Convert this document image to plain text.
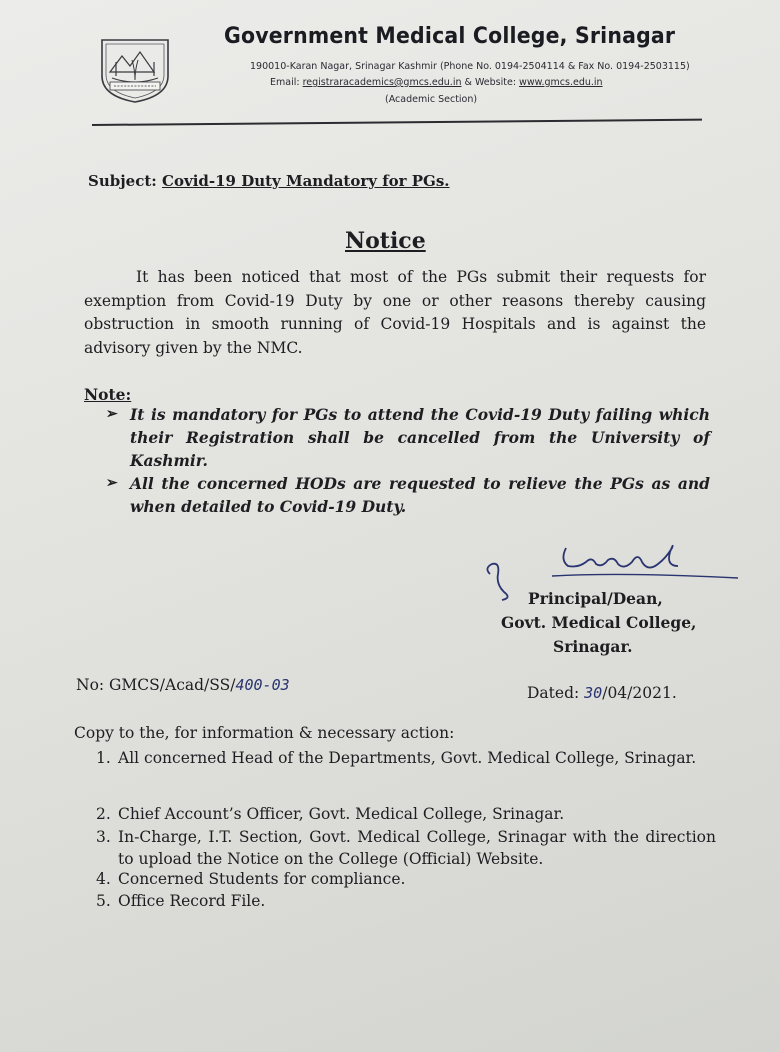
Government Medical College, Srinagar
190010-Karan Nagar, Srinagar Kashmir (Phone No. 0194-2504114 & Fax No. 0194-2503115)
Email: registraracademics@gmcs.edu.in & Website: www.gmcs.edu.in
(Academic Section)
Subject: Covid-19 Duty Mandatory for PGs.
Notice
It has been noticed that most of the PGs submit their requests for exemption from Covid-19 Duty by one or other reasons thereby causing obstruction in smooth running of Covid-19 Hospitals and is against the advisory given by the NMC.
Note:
➢ It is mandatory for PGs to attend the Covid-19 Duty failing which their Registration shall be cancelled from the University of Kashmir.
➢ All the concerned HODs are requested to relieve the PGs as and when detailed to Covid-19 Duty.
Principal/Dean,
Govt. Medical College,
Srinagar.
No: GMCS/Acad/SS/400-03	Dated: 30/04/2021.
Copy to the, for information & necessary action:
1. All concerned Head of the Departments, Govt. Medical College, Srinagar.
2. Chief Account’s Officer, Govt. Medical College, Srinagar.
3. In-Charge, I.T. Section, Govt. Medical College, Srinagar with the direction to upload the Notice on the College (Official) Website.
4. Concerned Students for compliance.
5. Office Record File.
